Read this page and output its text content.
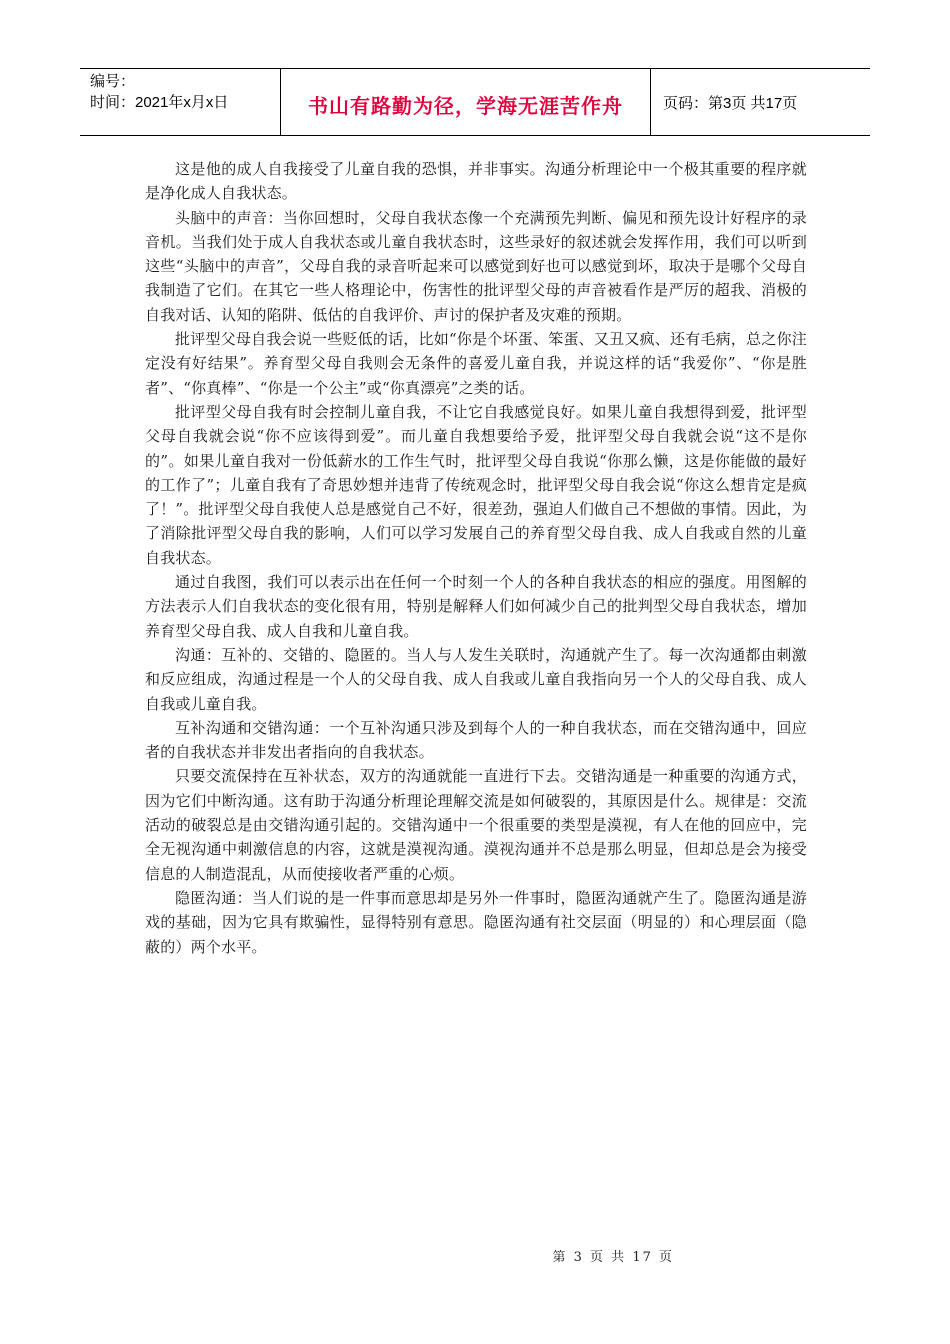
编号：
时间：2021年x月x日	书山有路勤为径，学海无涯苦作舟	页码：第3页 共17页

这是他的成人自我接受了儿童自我的恐惧，并非事实。沟通分析理论中一个极其重要的程序就是净化成人自我状态。

头脑中的声音：当你回想时，父母自我状态像一个充满预先判断、偏见和预先设计好程序的录音机。当我们处于成人自我状态或儿童自我状态时，这些录好的叙述就会发挥作用，我们可以听到这些“头脑中的声音”，父母自我的录音听起来可以感觉到好也可以感觉到坏，取决于是哪个父母自我制造了它们。在其它一些人格理论中，伤害性的批评型父母的声音被看作是严厉的超我、消极的自我对话、认知的陷阱、低估的自我评价、声讨的保护者及灾难的预期。

批评型父母自我会说一些贬低的话，比如“你是个坏蛋、笨蛋、又丑又疯、还有毛病，总之你注定没有好结果”。养育型父母自我则会无条件的喜爱儿童自我，并说这样的话“我爱你”、“你是胜者”、“你真棒”、“你是一个公主”或“你真漂亮”之类的话。

批评型父母自我有时会控制儿童自我，不让它自我感觉良好。如果儿童自我想得到爱，批评型父母自我就会说“你不应该得到爱”。而儿童自我想要给予爱，批评型父母自我就会说“这不是你的”。如果儿童自我对一份低薪水的工作生气时，批评型父母自我说“你那么懒，这是你能做的最好的工作了”；儿童自我有了奇思妙想并违背了传统观念时，批评型父母自我会说“你这么想肯定是疯了！”。批评型父母自我使人总是感觉自己不好，很差劲，强迫人们做自己不想做的事情。因此，为了消除批评型父母自我的影响，人们可以学习发展自己的养育型父母自我、成人自我或自然的儿童自我状态。

通过自我图，我们可以表示出在任何一个时刻一个人的各种自我状态的相应的强度。用图解的方法表示人们自我状态的变化很有用，特别是解释人们如何减少自己的批判型父母自我状态，增加养育型父母自我、成人自我和儿童自我。

沟通：互补的、交错的、隐匿的。当人与人发生关联时，沟通就产生了。每一次沟通都由刺激和反应组成，沟通过程是一个人的父母自我、成人自我或儿童自我指向另一个人的父母自我、成人自我或儿童自我。

互补沟通和交错沟通：一个互补沟通只涉及到每个人的一种自我状态，而在交错沟通中，回应者的自我状态并非发出者指向的自我状态。

只要交流保持在互补状态，双方的沟通就能一直进行下去。交错沟通是一种重要的沟通方式，因为它们中断沟通。这有助于沟通分析理论理解交流是如何破裂的，其原因是什么。规律是：交流活动的破裂总是由交错沟通引起的。交错沟通中一个很重要的类型是漠视，有人在他的回应中，完全无视沟通中刺激信息的内容，这就是漠视沟通。漠视沟通并不总是那么明显，但却总是会为接受信息的人制造混乱，从而使接收者严重的心烦。

隐匿沟通：当人们说的是一件事而意思却是另外一件事时，隐匿沟通就产生了。隐匿沟通是游戏的基础，因为它具有欺骗性，显得特别有意思。隐匿沟通有社交层面（明显的）和心理层面（隐蔽的）两个水平。

第 3 页 共 17 页
